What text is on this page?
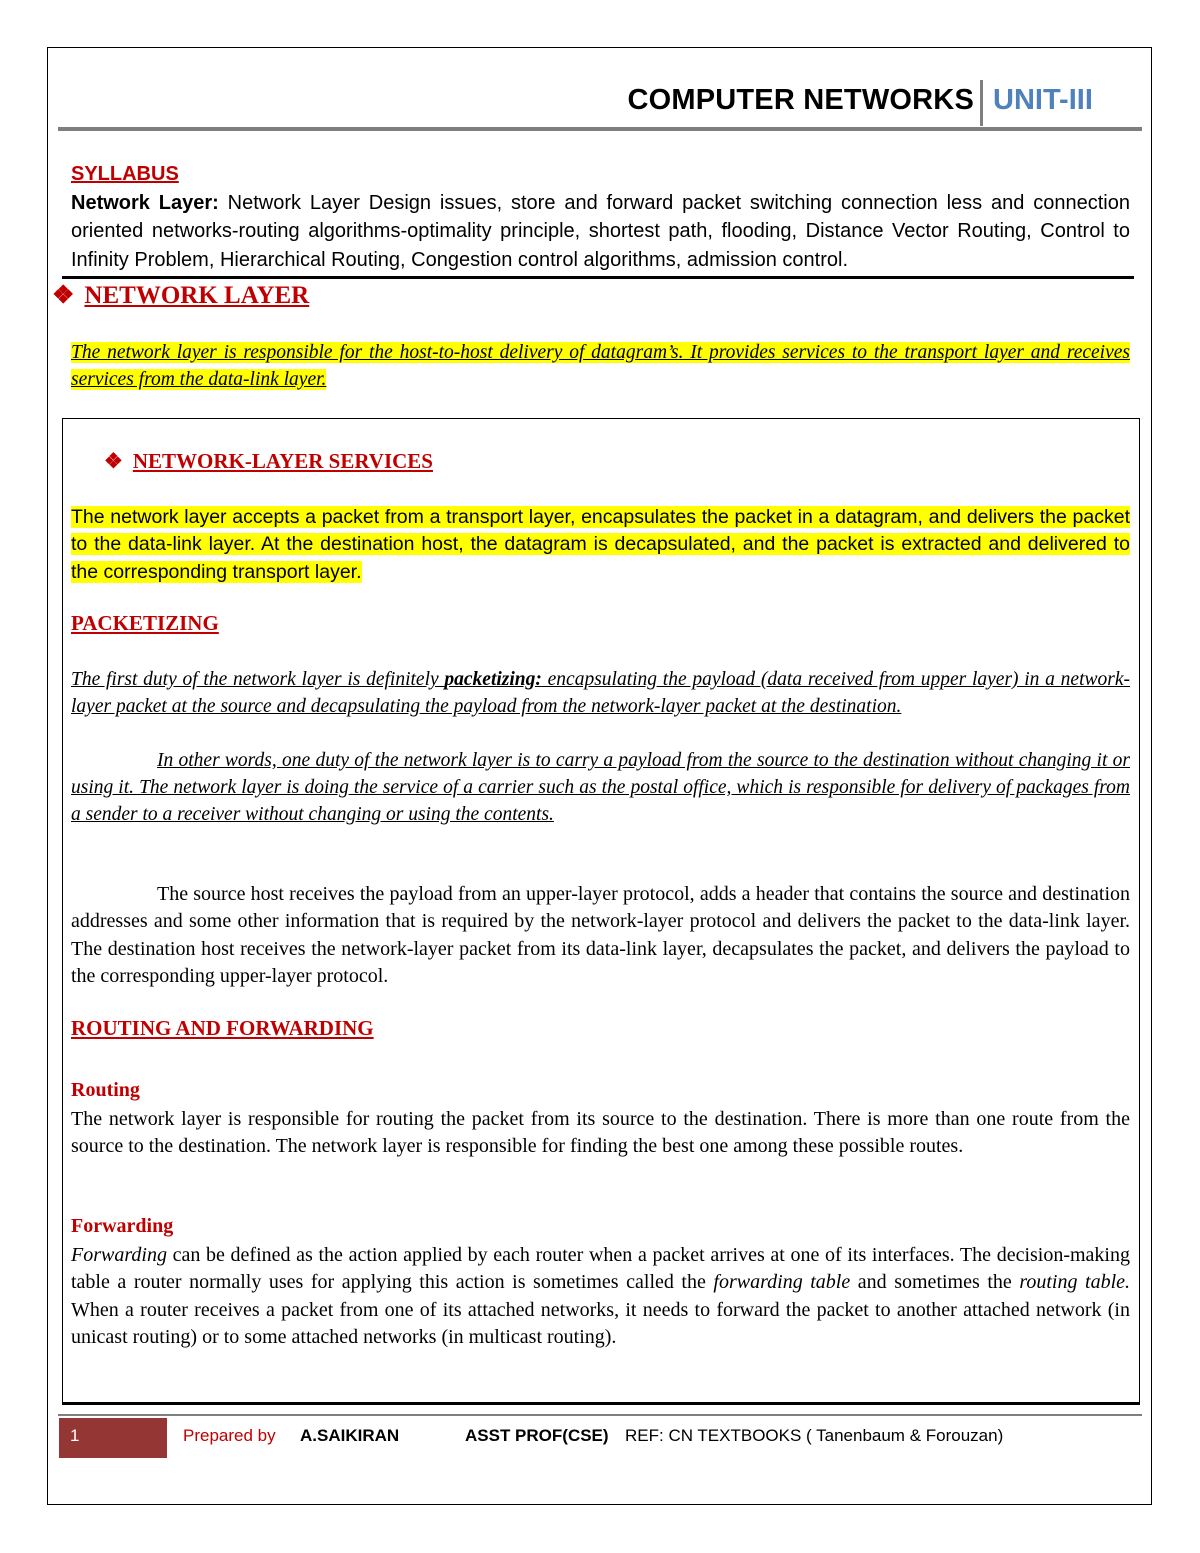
COMPUTER NETWORKS UNIT-III
SYLLABUS
Network Layer: Network Layer Design issues, store and forward packet switching connection less and connection oriented networks-routing algorithms-optimality principle, shortest path, flooding, Distance Vector Routing, Control to Infinity Problem, Hierarchical Routing, Congestion control algorithms, admission control.
❖ NETWORK LAYER
The network layer is responsible for the host-to-host delivery of datagram’s. It provides services to the transport layer and receives services from the data-link layer.
❖ NETWORK-LAYER SERVICES
The network layer accepts a packet from a transport layer, encapsulates the packet in a datagram, and delivers the packet to the data-link layer. At the destination host, the datagram is decapsulated, and the packet is extracted and delivered to the corresponding transport layer.
PACKETIZING
The first duty of the network layer is definitely packetizing: encapsulating the payload (data received from upper layer) in a network-layer packet at the source and decapsulating the payload from the network-layer packet at the destination.
In other words, one duty of the network layer is to carry a payload from the source to the destination without changing it or using it. The network layer is doing the service of a carrier such as the postal office, which is responsible for delivery of packages from a sender to a receiver without changing or using the contents.
The source host receives the payload from an upper-layer protocol, adds a header that contains the source and destination addresses and some other information that is required by the network-layer protocol and delivers the packet to the data-link layer. The destination host receives the network-layer packet from its data-link layer, decapsulates the packet, and delivers the payload to the corresponding upper-layer protocol.
ROUTING AND FORWARDING
Routing
The network layer is responsible for routing the packet from its source to the destination. There is more than one route from the source to the destination. The network layer is responsible for finding the best one among these possible routes.
Forwarding
Forwarding can be defined as the action applied by each router when a packet arrives at one of its interfaces. The decision-making table a router normally uses for applying this action is sometimes called the forwarding table and sometimes the routing table. When a router receives a packet from one of its attached networks, it needs to forward the packet to another attached network (in unicast routing) or to some attached networks (in multicast routing).
1	Prepared by A.SAIKIRAN	ASST PROF(CSE) REF: CN TEXTBOOKS ( Tanenbaum & Forouzan)
